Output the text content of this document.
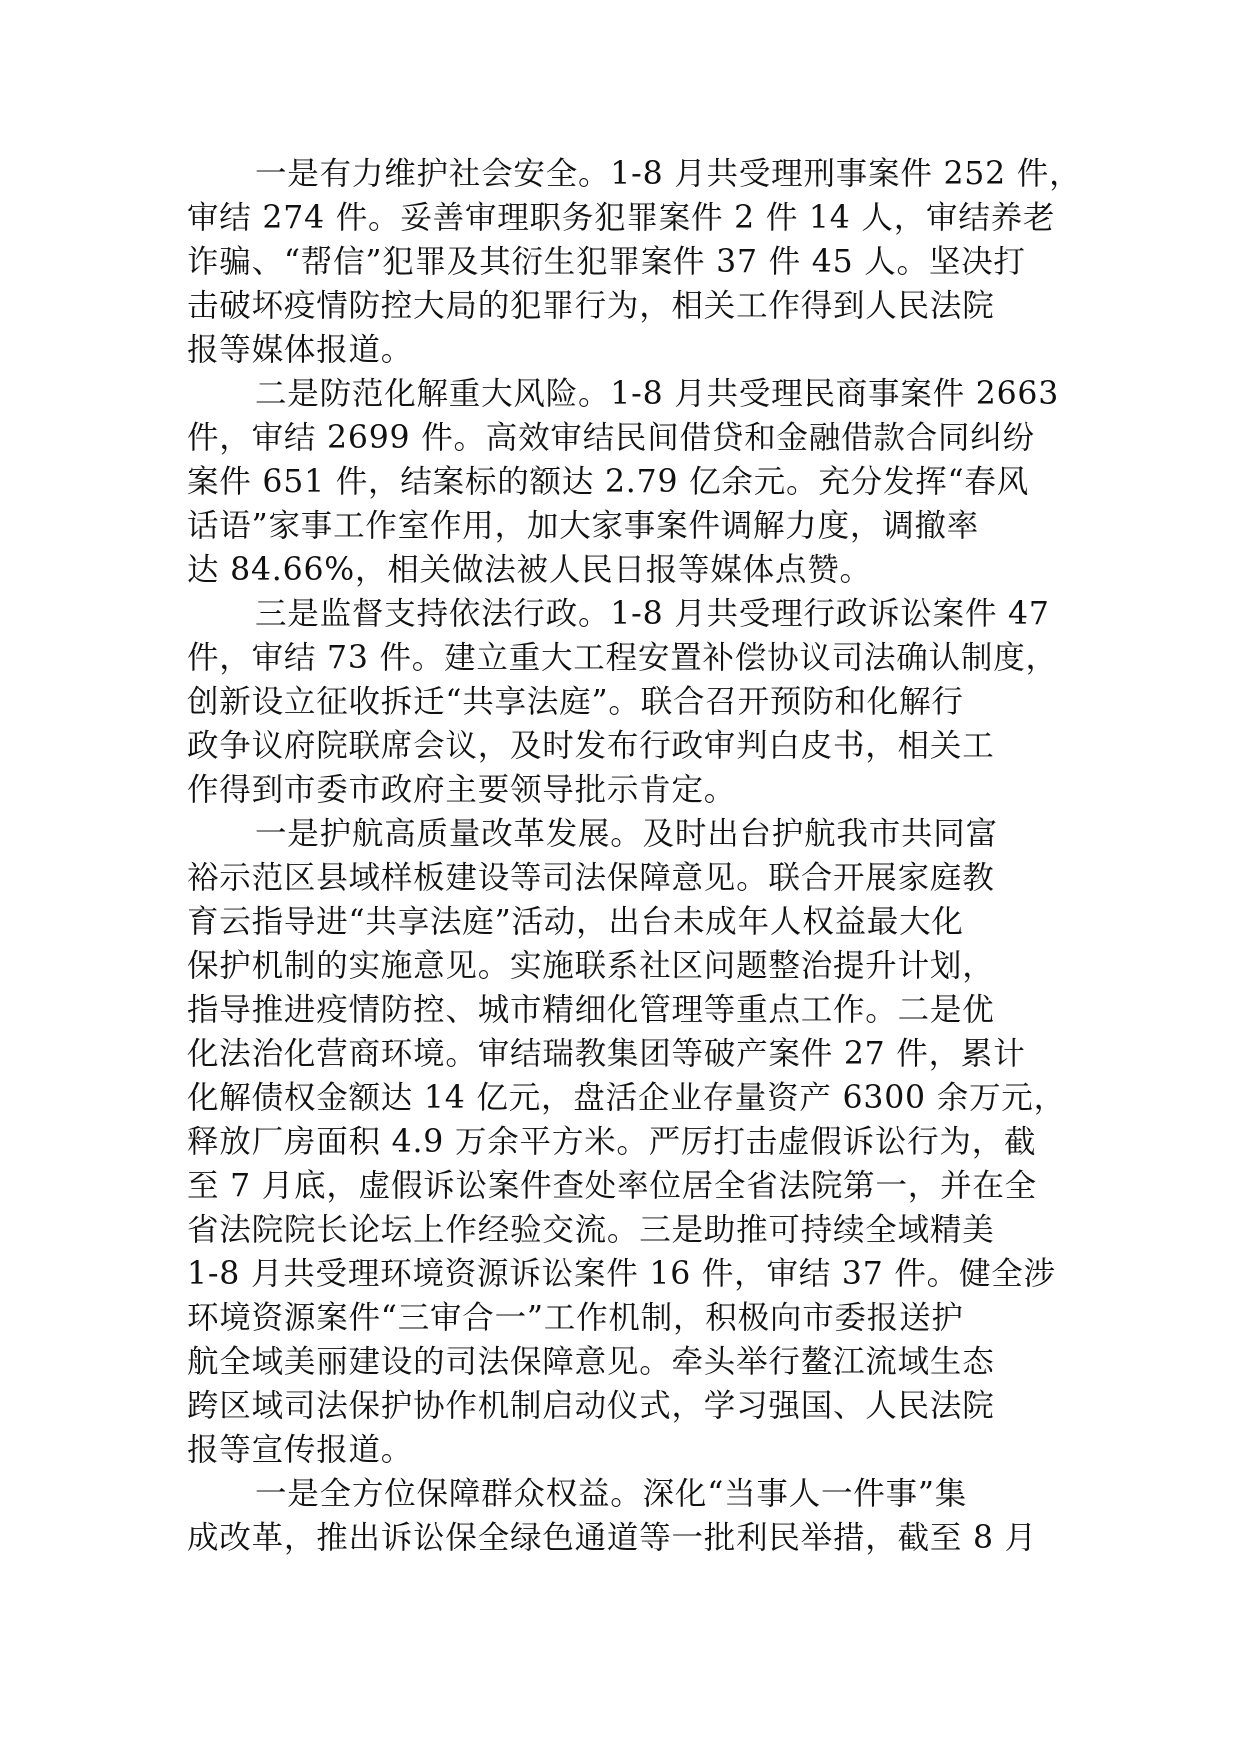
一是有力维护社会安全。1-8 月共受理刑事案件 252 件，
审结 274 件。妥善审理职务犯罪案件 2 件 14 人，审结养老
诈骗、“帮信”犯罪及其衍生犯罪案件 37 件 45 人。坚决打
击破坏疫情防控大局的犯罪行为，相关工作得到人民法院
报等媒体报道。
二是防范化解重大风险。1-8 月共受理民商事案件 2663
件，审结 2699 件。高效审结民间借贷和金融借款合同纠纷
案件 651 件，结案标的额达 2.79 亿余元。充分发挥“春风
话语”家事工作室作用，加大家事案件调解力度，调撤率
达 84.66%，相关做法被人民日报等媒体点赞。
三是监督支持依法行政。1-8 月共受理行政诉讼案件 47
件，审结 73 件。建立重大工程安置补偿协议司法确认制度，
创新设立征收拆迁“共享法庭”。联合召开预防和化解行
政争议府院联席会议，及时发布行政审判白皮书，相关工
作得到市委市政府主要领导批示肯定。
一是护航高质量改革发展。及时出台护航我市共同富
裕示范区县域样板建设等司法保障意见。联合开展家庭教
育云指导进“共享法庭”活动，出台未成年人权益最大化
保护机制的实施意见。实施联系社区问题整治提升计划，
指导推进疫情防控、城市精细化管理等重点工作。二是优
化法治化营商环境。审结瑞教集团等破产案件 27 件，累计
化解债权金额达 14 亿元，盘活企业存量资产 6300 余万元，
释放厂房面积 4.9 万余平方米。严厉打击虚假诉讼行为，截
至 7 月底，虚假诉讼案件查处率位居全省法院第一，并在全
省法院院长论坛上作经验交流。三是助推可持续全域精美
1-8 月共受理环境资源诉讼案件 16 件，审结 37 件。健全涉
环境资源案件“三审合一”工作机制，积极向市委报送护
航全域美丽建设的司法保障意见。牵头举行鳌江流域生态
跨区域司法保护协作机制启动仪式，学习强国、人民法院
报等宣传报道。
一是全方位保障群众权益。深化“当事人一件事”集
成改革，推出诉讼保全绿色通道等一批利民举措，截至 8 月
